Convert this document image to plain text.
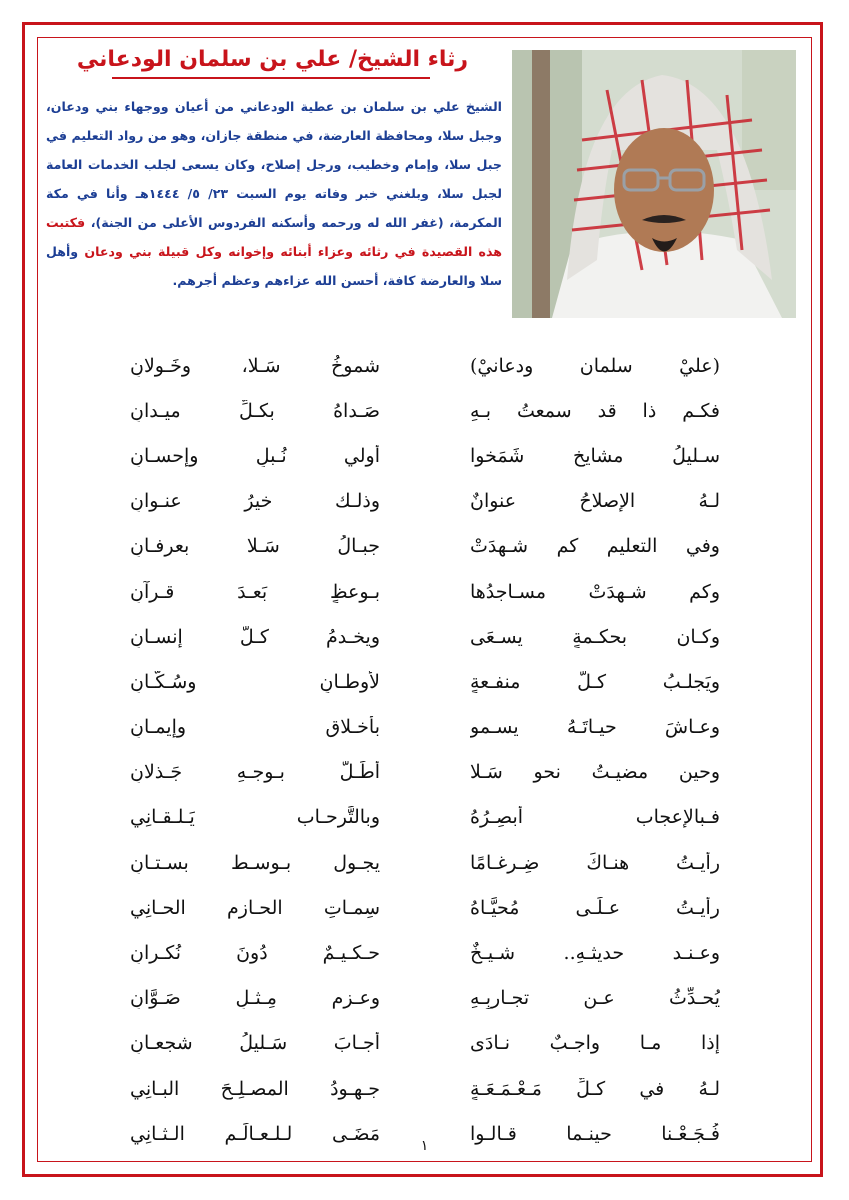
رثاء الشيخ/ علي بن سلمان الودعاني
الشيخ علي بن سلمان بن عطية الودعاني من أعيان ووجهاء بني ودعان، وجبل سلا، ومحافظة العارضة، في منطقة جازان، وهو من رواد التعليم في جبل سلا، وإمام وخطيب، ورجل إصلاح، وكان يسعى لجلب الخدمات العامة لجبل سلا، وبلغني خبر وفاته يوم السبت ٢٣/ ٥/ ١٤٤٤هـ وأنا في مكة المكرمة، (غفر الله له ورحمه وأسكنه الفردوس الأعلى من الجنة)، فكتبت هذه القصيدة في رثائه وعزاء أبنائه وإخوانه وكل قبيلة بني ودعان وأهل سلا والعارضة كافة، أحسن الله عزاءهم وعظم أجرهم.
(عليْ سلمان ودعانيْ)
شموخُ سَـلا، وخَـولانِ
فكـم ذا قد سمعتُ بـهِ
صَـداهُ بكـلِّ ميـدانِ
سـليلُ مشايخٍ شَمَخوا
أُولي نُـبلٍ وإحسـانِ
لـهُ الإصلاحُ عنوانٌ
وذلـك خيرُ عنـوانِ
وفي التعليم كم شـهِدَتْ
جبـالُ سَـلا بعرفـانِ
وكم شـهِدَتْ مسـاجدُها
بـوعظٍ بَعـدَ قـرآنِ
وكـان بحكـمةٍ يسـعَى
ويخـدمُ كـلَّ إنسـانِ
ويَجلـبُ كـلَّ منفـعةٍ
لأوطـانٍ وسُـكّـانِ
وعـاشَ حيـاتَـهُ يسـمو
بأخـلاقٍ وإيمـانِ
وحين مضيـتُ نحو سَـلا
أطَـلَّ بـوجـهِ جَـذلانِ
فـبالإعجاب أُبصِـرُهُ
وبالتَّرحـاب يَـلـقـانِي
رأيـتُ هنـاكَ ضِـرغـامًا
يجـول بـوسـط بسـتـانِ
رأيـتُ عـلَـى مُحيَّـاهُ
سِمـاتِ الحـازمِ الحـانِي
وعـنـد حديثـهِ.. شـيـخٌ
حـكـيـمٌ دُونَ نُكـرانِ
يُحـدِّثُ عـن تجـاربِـهِ
وعـزمٍ مِـثـلِ صَـوَّانِ
إذا مـا واجـبٌ نـادَى
أجـابَ سَـليلُ شجعـانِ
لـهُ في كـلِّ مَـعْـمَـعَـةٍ
جـهـودُ المصـلِـحَ البـانِي
فُـجَـعْـنا حينـما قـالـوا
مَضَـى لـلـعـالَـمِ الـثـانِي
١
